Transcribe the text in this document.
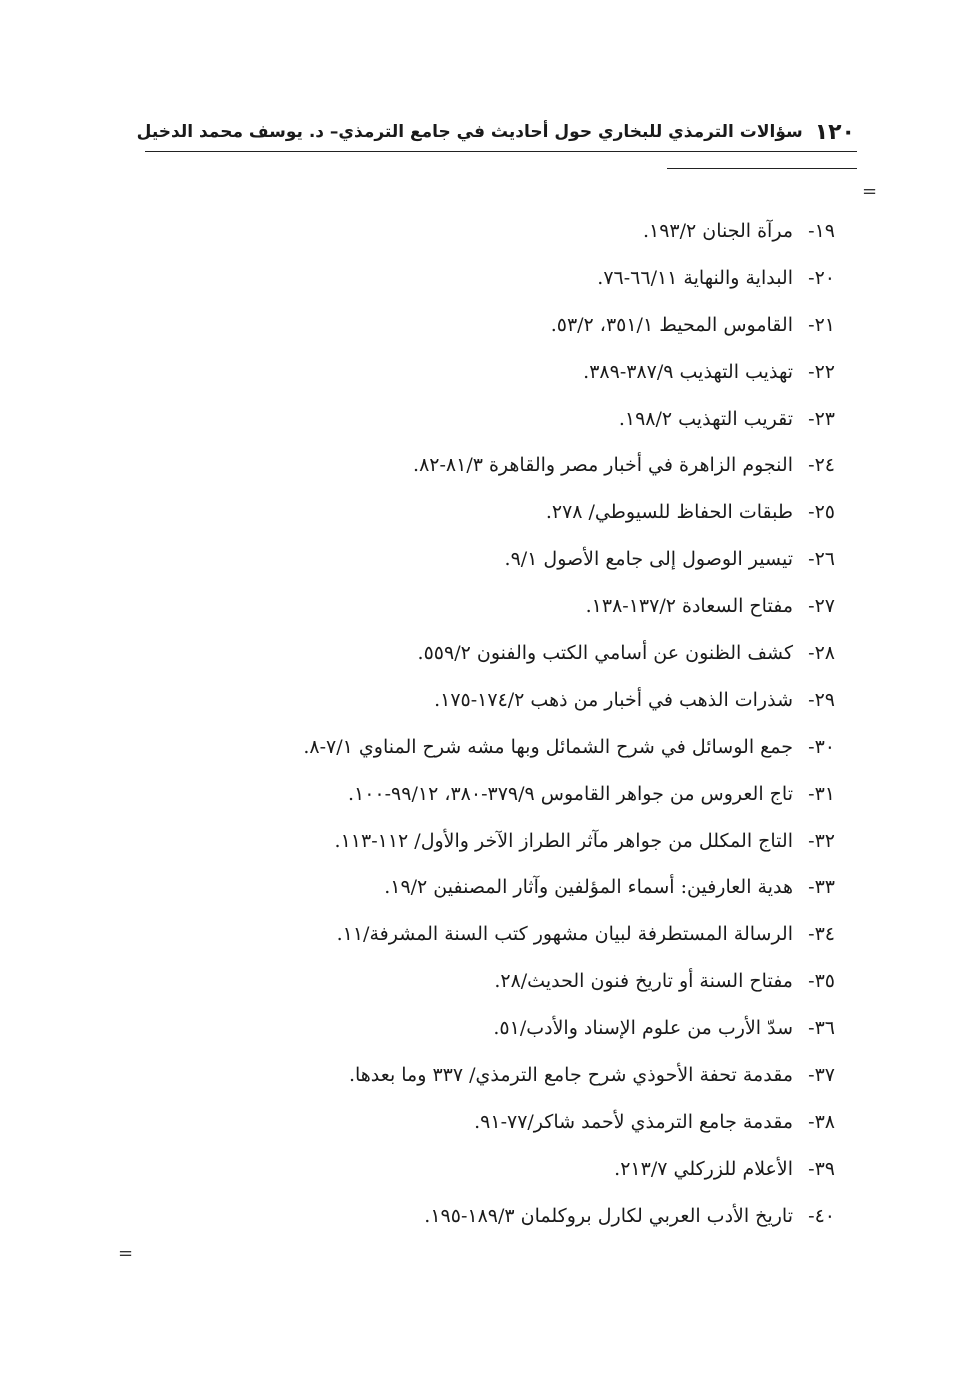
١٢٠
سؤالات الترمذي للبخاري حول أحاديث في جامع الترمذي– د. يوسف محمد الدخيل
=
١٩-مرآة الجنان ١٩٣/٢.
٢٠-البداية والنهاية ٦٦/١١-٧٦.
٢١-القاموس المحيط ٣٥١/١، ٥٣/٢.
٢٢-تهذيب التهذيب ٣٨٧/٩-٣٨٩.
٢٣-تقريب التهذيب ١٩٨/٢.
٢٤-النجوم الزاهرة في أخبار مصر والقاهرة ٨١/٣-٨٢.
٢٥-طبقات الحفاظ للسيوطي/ ٢٧٨.
٢٦-تيسير الوصول إلى جامع الأصول ٩/١.
٢٧-مفتاح السعادة ١٣٧/٢-١٣٨.
٢٨-كشف الظنون عن أسامي الكتب والفنون ٥٥٩/٢.
٢٩-شذرات الذهب في أخبار من ذهب ١٧٤/٢-١٧٥.
٣٠-جمع الوسائل في شرح الشمائل وبها مشه شرح المناوي ٧/١-٨.
٣١-تاج العروس من جواهر القاموس ٣٧٩/٩-٣٨٠، ٩٩/١٢-١٠٠.
٣٢-التاج المكلل من جواهر مآثر الطراز الآخر والأول/ ١١٢-١١٣.
٣٣-هدية العارفين: أسماء المؤلفين وآثار المصنفين ١٩/٢.
٣٤-الرسالة المستطرفة لبيان مشهور كتب السنة المشرفة/١١.
٣٥-مفتاح السنة أو تاريخ فنون الحديث/٢٨.
٣٦-سدّ الأرب من علوم الإسناد والأدب/٥١.
٣٧-مقدمة تحفة الأحوذي شرح جامع الترمذي/ ٣٣٧ وما بعدها.
٣٨-مقدمة جامع الترمذي لأحمد شاكر/٧٧-٩١.
٣٩-الأعلام للزركلي ٢١٣/٧.
٤٠-تاريخ الأدب العربي لكارل بروكلمان ١٨٩/٣-١٩٥.
=
